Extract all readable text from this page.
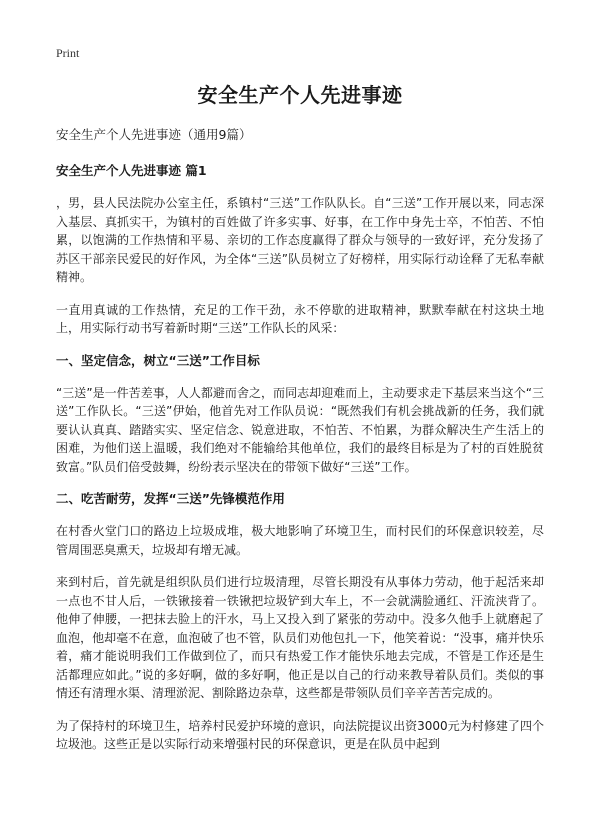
Print
安全生产个人先进事迹
安全生产个人先进事迹（通用9篇）
安全生产个人先进事迹 篇1

，男，县人民法院办公室主任，系镇村“三送”工作队队长。自“三送”工作开展以来，同志深入基层、真抓实干，为镇村的百姓做了许多实事、好事，在工作中身先士卒，不怕苦、不怕累，以饱满的工作热情和平易、亲切的工作态度赢得了群众与领导的一致好评，充分发扬了苏区干部亲民爱民的好作风，为全体“三送”队员树立了好榜样，用实际行动诠释了无私奉献精神。

一直用真诚的工作热情，充足的工作干劲，永不停歇的进取精神，默默奉献在村这块土地上，用实际行动书写着新时期“三送”工作队长的风采：

一、坚定信念，树立“三送”工作目标

“三送”是一件苦差事，人人都避而舍之，而同志却迎难而上，主动要求走下基层来当这个“三送”工作队长。“三送”伊始，他首先对工作队员说：“既然我们有机会挑战新的任务，我们就要认认真真、踏踏实实、坚定信念、锐意进取，不怕苦、不怕累，为群众解决生产生活上的困难，为他们送上温暖，我们绝对不能输给其他单位，我们的最终目标是为了村的百姓脱贫致富。”队员们倍受鼓舞，纷纷表示坚决在的带领下做好“三送”工作。

二、吃苦耐劳，发挥“三送”先锋模范作用

在村香火堂门口的路边上垃圾成堆，极大地影响了环境卫生，而村民们的环保意识较差，尽管周围恶臭熏天，垃圾却有增无减。

来到村后，首先就是组织队员们进行垃圾清理，尽管长期没有从事体力劳动，他于起活来却一点也不甘人后，一铁锹接着一铁锹把垃圾铲到大车上，不一会就满脸通红、汗流浃背了。他伸了伸腰，一把抹去脸上的汗水，马上又投入到了紧张的劳动中。没多久他手上就磨起了血泡，他却毫不在意，血泡破了也不管，队员们劝他包扎一下，他笑着说：“没事，痛并快乐着，痛才能说明我们工作做到位了，而只有热爱工作才能快乐地去完成，不管是工作还是生活都理应如此。”说的多好啊，做的多好啊，他正是以自己的行动来教导着队员们。类似的事情还有清理水渠、清理淤泥、割除路边杂草，这些都是带领队员们辛辛苦苦完成的。

为了保持村的环境卫生，培养村民爱护环境的意识，向法院提议出资3000元为村修建了四个垃圾池。这些正是以实际行动来增强村民的环保意识，更是在队员中起到
